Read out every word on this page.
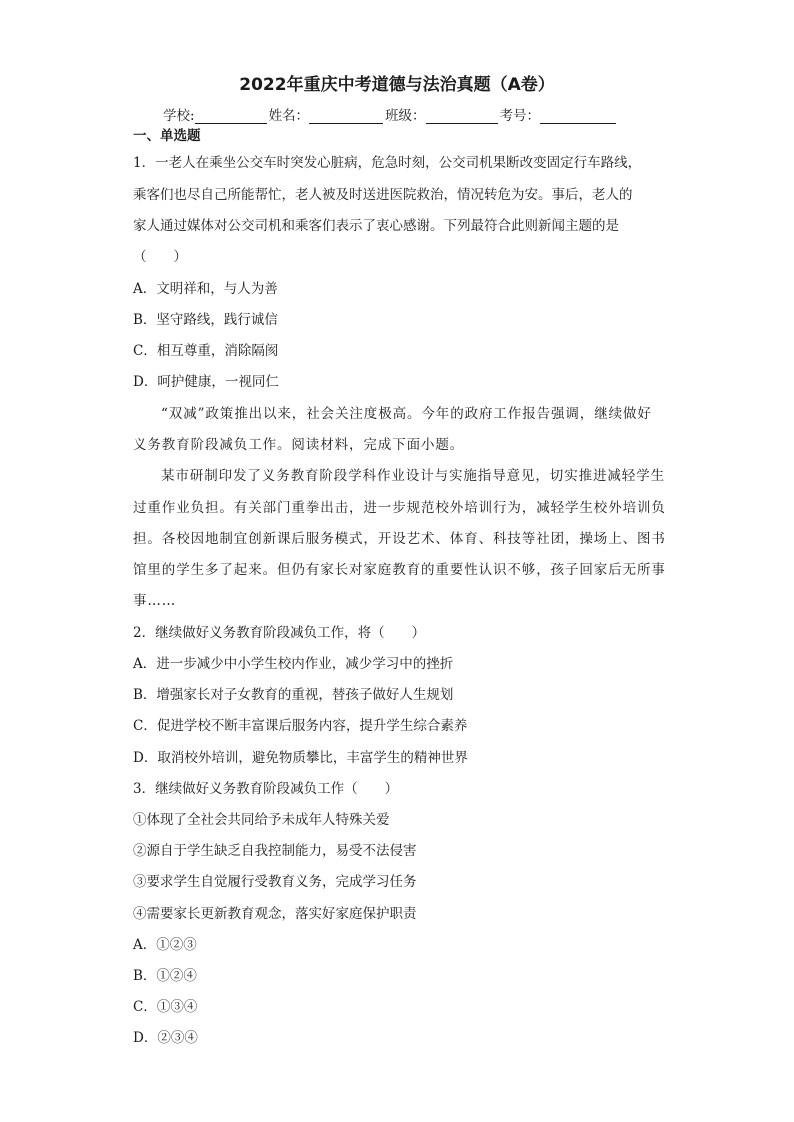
2022年重庆中考道德与法治真题（A卷）
学校:	姓名：	班级：	考号：
一、单选题
1．一老人在乘坐公交车时突发心脏病，危急时刻，公交司机果断改变固定行车路线，
乘客们也尽自己所能帮忙，老人被及时送进医院救治，情况转危为安。事后，老人的
家人通过媒体对公交司机和乘客们表示了衷心感谢。下列最符合此则新闻主题的是
（　　）
A．文明祥和，与人为善
B．坚守路线，践行诚信
C．相互尊重，消除隔阂
D．呵护健康，一视同仁
“双减”政策推出以来，社会关注度极高。今年的政府工作报告强调，继续做好
义务教育阶段减负工作。阅读材料，完成下面小题。
某市研制印发了义务教育阶段学科作业设计与实施指导意见，切实推进减轻学生
过重作业负担。有关部门重拳出击，进一步规范校外培训行为，减轻学生校外培训负
担。各校因地制宜创新课后服务模式，开设艺术、体育、科技等社团，操场上、图书
馆里的学生多了起来。但仍有家长对家庭教育的重要性认识不够，孩子回家后无所事
事……
2．继续做好义务教育阶段减负工作，将（　　）
A．进一步减少中小学生校内作业，减少学习中的挫折
B．增强家长对子女教育的重视，替孩子做好人生规划
C．促进学校不断丰富课后服务内容，提升学生综合素养
D．取消校外培训，避免物质攀比，丰富学生的精神世界
3．继续做好义务教育阶段减负工作（　　）
①体现了全社会共同给予未成年人特殊关爱
②源自于学生缺乏自我控制能力，易受不法侵害
③要求学生自觉履行受教育义务，完成学习任务
④需要家长更新教育观念，落实好家庭保护职责
A．①②③
B．①②④
C．①③④
D．②③④
